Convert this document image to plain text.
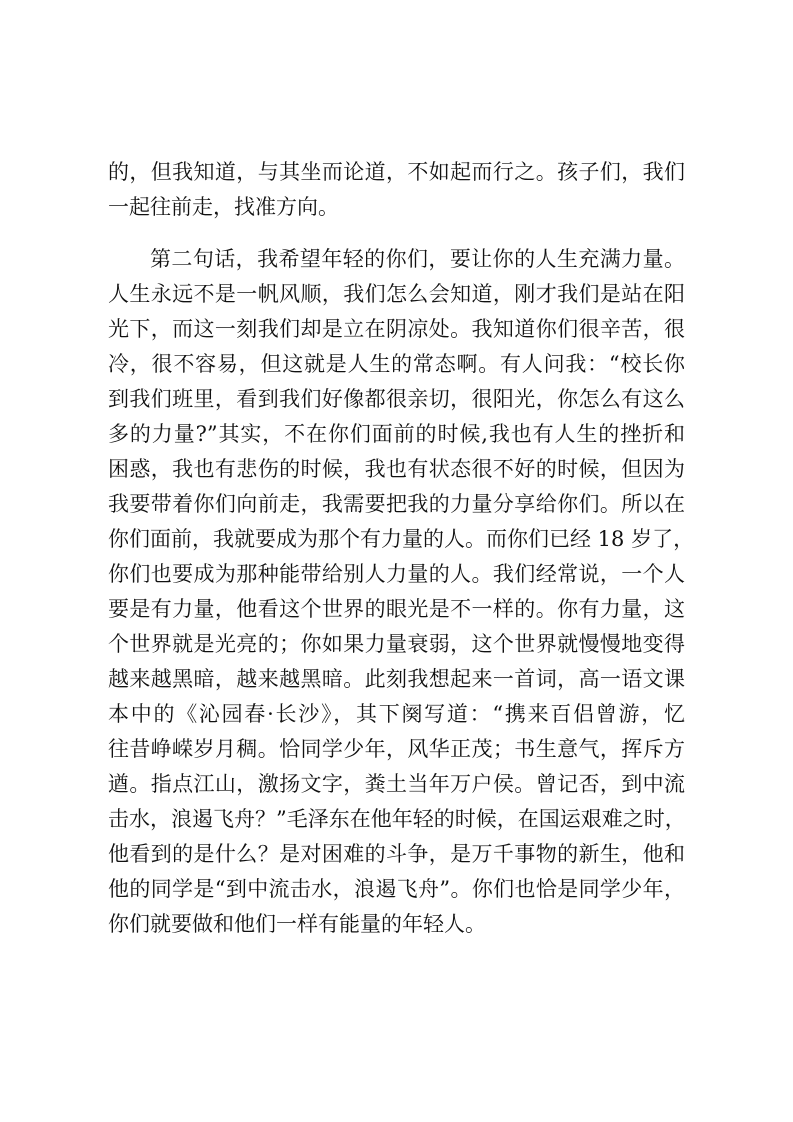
的，但我知道，与其坐而论道，不如起而行之。孩子们，我们
一起往前走，找准方向。
第二句话，我希望年轻的你们，要让你的人生充满力量。
人生永远不是一帆风顺，我们怎么会知道，刚才我们是站在阳
光下，而这一刻我们却是立在阴凉处。我知道你们很辛苦，很
冷，很不容易，但这就是人生的常态啊。有人问我：“校长你
到我们班里，看到我们好像都很亲切，很阳光，你怎么有这么
多的力量?”其实，不在你们面前的时候,我也有人生的挫折和
困惑，我也有悲伤的时候，我也有状态很不好的时候，但因为
我要带着你们向前走，我需要把我的力量分享给你们。所以在
你们面前，我就要成为那个有力量的人。而你们已经 18 岁了，
你们也要成为那种能带给别人力量的人。我们经常说，一个人
要是有力量，他看这个世界的眼光是不一样的。你有力量，这
个世界就是光亮的；你如果力量衰弱，这个世界就慢慢地变得
越来越黑暗，越来越黑暗。此刻我想起来一首词，高一语文课
本中的《沁园春·长沙》，其下阕写道：“携来百侣曾游，忆
往昔峥嵘岁月稠。恰同学少年，风华正茂；书生意气，挥斥方
遒。指点江山，激扬文字，粪土当年万户侯。曾记否，到中流
击水，浪遏飞舟？”毛泽东在他年轻的时候，在国运艰难之时，
他看到的是什么？是对困难的斗争，是万千事物的新生，他和
他的同学是“到中流击水，浪遏飞舟”。你们也恰是同学少年，
你们就要做和他们一样有能量的年轻人。
